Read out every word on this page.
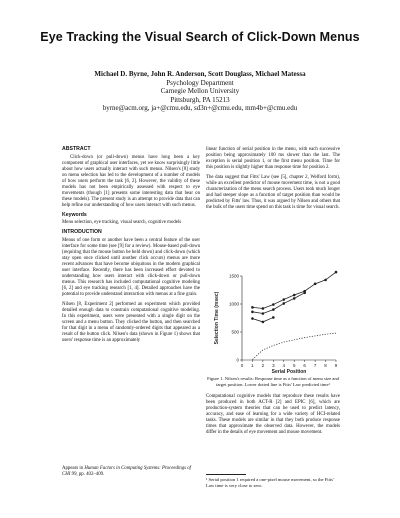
Eye Tracking the Visual Search of Click-Down Menus
Michael D. Byrne, John R. Anderson, Scott Douglass, Michael Matessa
Psychology Department
Carnegie Mellon University
Pittsburgh, PA 15213
byrne@acm.org, ja+@cmu.edu, sd3n+@cmu.edu, mm4b+@cmu.edu
ABSTRACT

Click-down (or pull-down) menus have long been a key component of graphical user interfaces, yet we know surprisingly little about how users actually interact with such menus. Nilsen's [8] study on menu selection has led to the development of a number of models of how users perform the task [6, 2]. However, the validity of these models has not been empirically assessed with respect to eye movements (though [1] presents some interesting data that bear on these models). The present study is an attempt to provide data that can help refine our understanding of how users interact with such menus.

Keywords

Menu selection, eye tracking, visual search, cognitive models

INTRODUCTION

Menus of one form or another have been a central feature of the user interface for some time (see [9] for a review). Mouse-based pull-down (requiring that the mouse button be held down) and click-down (which stay open once clicked until another click occurs) menus are more recent advances that have become ubiquitous in the modern graphical user interface. Recently, there has been increased effort devoted to understanding how users interact with click-down or pull-down menus. This research has included computational cognitive modeling [6, 2] and eye tracking research [1, 4]. Detailed approaches have the potential to provide understand interaction with menus at a fine grain.

Nilsen [8, Experiment 2] performed an experiment which provided detailed enough data to constrain computational cognitive modeling. In this experiment, users were presented with a single digit on the screen and a menu button. They clicked the button, and then searched for that digit in a menu of randomly-ordered digits that appeared as a result of the button click. Nilsen's data (shown in Figure 1) shows that users' response time is an approximately

Appears in Human Factors in Computing Systems: Proceedings of CHI 99, pp. 402–409.

linear function of serial position in the menu, with each successive position being approximately 100 ms slower than the last. The exception is serial position 1, or the first menu position. Time for this position is slightly higher than response time for position 2.

The data suggest that Fitts' Law (see [5], chapter 2, Welford form), while an excellent predictor of mouse movement time, is not a good characterization of the menu search process. Users took much longer and had steeper slope as a function of target position than would be predicted by Fitts' law. Thus, it was argued by Nilsen and others that the bulk of the users time spend on this task is time for visual search.

0
500
1000
1500
0 1 2 3 4 5 6 7 8 9
Serial Position
Selection Time (msec)
Figure 1. Nilsen's results: Response time as a function of menu size and target position. Lower dotted line is Fitts' Law predicted time¹

Computational cognitive models that reproduce these results have been produced in both ACT-R [2] and EPIC [6], which are production-system theories that can be used to predict latency, accuracy, and ease of learning for a wide variety of HCI-related tasks. These models are similar in that they both produce response times that approximate the observed data. However, the models differ in the details of eye movement and mouse movement.

¹ Serial position 1 required a one-pixel mouse movement, so the Fitts' Law time is very close to zero.
